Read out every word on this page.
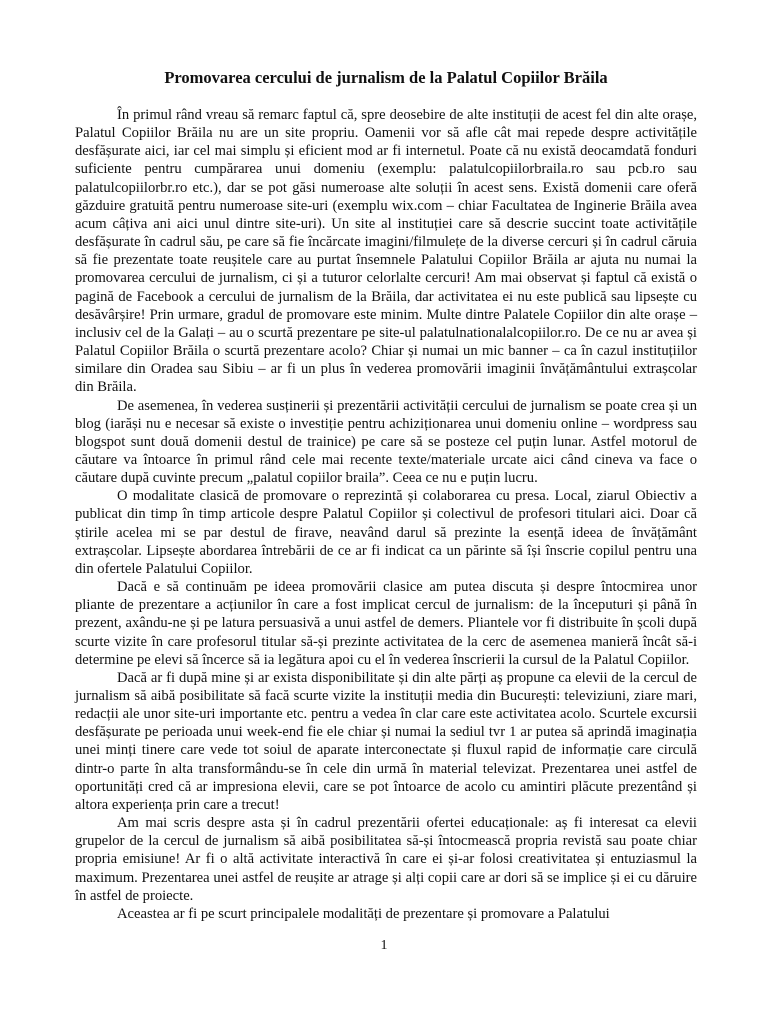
Promovarea cercului de jurnalism de la Palatul Copiilor Brăila

În primul rând vreau să remarc faptul că, spre deosebire de alte instituții de acest fel din alte orașe, Palatul Copiilor Brăila nu are un site propriu. Oamenii vor să afle cât mai repede despre activitățile desfășurate aici, iar cel mai simplu și eficient mod ar fi internetul. Poate că nu există deocamdată fonduri suficiente pentru cumpărarea unui domeniu (exemplu: palatulcopiilorbraila.ro sau pcb.ro sau palatulcopiilorbr.ro etc.), dar se pot găsi numeroase alte soluții în acest sens. Există domenii care oferă găzduire gratuită pentru numeroase site-uri (exemplu wix.com – chiar Facultatea de Inginerie Brăila avea acum câțiva ani aici unul dintre site-uri). Un site al instituției care să descrie succint toate activitățile desfășurate în cadrul său, pe care să fie încărcate imagini/filmulețe de la diverse cercuri și în cadrul căruia să fie prezentate toate reușitele care au purtat însemnele Palatului Copiilor Brăila ar ajuta nu numai la promovarea cercului de jurnalism, ci și a tuturor celorlalte cercuri! Am mai observat și faptul că există o pagină de Facebook a cercului de jurnalism de la Brăila, dar activitatea ei nu este publică sau lipsește cu desăvârșire! Prin urmare, gradul de promovare este minim. Multe dintre Palatele Copiilor din alte orașe – inclusiv cel de la Galați – au o scurtă prezentare pe site-ul palatulnationalalcopiilor.ro. De ce nu ar avea și Palatul Copiilor Brăila o scurtă prezentare acolo? Chiar și numai un mic banner – ca în cazul instituțiilor similare din Oradea sau Sibiu – ar fi un plus în vederea promovării imaginii învățământului extrașcolar din Brăila.

De asemenea, în vederea susținerii și prezentării activității cercului de jurnalism se poate crea și un blog (iarăși nu e necesar să existe o investiție pentru achiziționarea unui domeniu online – wordpress sau blogspot sunt două domenii destul de trainice) pe care să se posteze cel puțin lunar. Astfel motorul de căutare va întoarce în primul rând cele mai recente texte/materiale urcate aici când cineva va face o căutare după cuvinte precum „palatul copiilor braila”. Ceea ce nu e puțin lucru.

O modalitate clasică de promovare o reprezintă și colaborarea cu presa. Local, ziarul Obiectiv a publicat din timp în timp articole despre Palatul Copiilor și colectivul de profesori titulari aici. Doar că știrile acelea mi se par destul de firave, neavând darul să prezinte la esență ideea de învățământ extrașcolar. Lipsește abordarea întrebării de ce ar fi indicat ca un părinte să își înscrie copilul pentru una din ofertele Palatului Copiilor.

Dacă e să continuăm pe ideea promovării clasice am putea discuta și despre întocmirea unor pliante de prezentare a acțiunilor în care a fost implicat cercul de jurnalism: de la începuturi și până în prezent, axându-ne și pe latura persuasivă a unui astfel de demers. Pliantele vor fi distribuite în școli după scurte vizite în care profesorul titular să-și prezinte activitatea de la cerc de asemenea manieră încât să-i determine pe elevi să încerce să ia legătura apoi cu el în vederea înscrierii la cursul de la Palatul Copiilor.

Dacă ar fi după mine și ar exista disponibilitate și din alte părți aș propune ca elevii de la cercul de jurnalism să aibă posibilitate să facă scurte vizite la instituții media din București: televiziuni, ziare mari, redacții ale unor site-uri importante etc. pentru a vedea în clar care este activitatea acolo. Scurtele excursii desfășurate pe perioada unui week-end fie ele chiar și numai la sediul tvr 1 ar putea să aprindă imaginația unei minți tinere care vede tot soiul de aparate interconectate și fluxul rapid de informație care circulă dintr-o parte în alta transformându-se în cele din urmă în material televizat. Prezentarea unei astfel de oportunități cred că ar impresiona elevii, care se pot întoarce de acolo cu amintiri plăcute prezentând și altora experiența prin care a trecut!

Am mai scris despre asta și în cadrul prezentării ofertei educaționale: aș fi interesat ca elevii grupelor de la cercul de jurnalism să aibă posibilitatea să-și întocmească propria revistă sau poate chiar propria emisiune! Ar fi o altă activitate interactivă în care ei și-ar folosi creativitatea și entuziasmul la maximum. Prezentarea unei astfel de reușite ar atrage și alți copii care ar dori să se implice și ei cu dăruire în astfel de proiecte.

Aceastea ar fi pe scurt principalele modalități de prezentare și promovare a Palatului

1
